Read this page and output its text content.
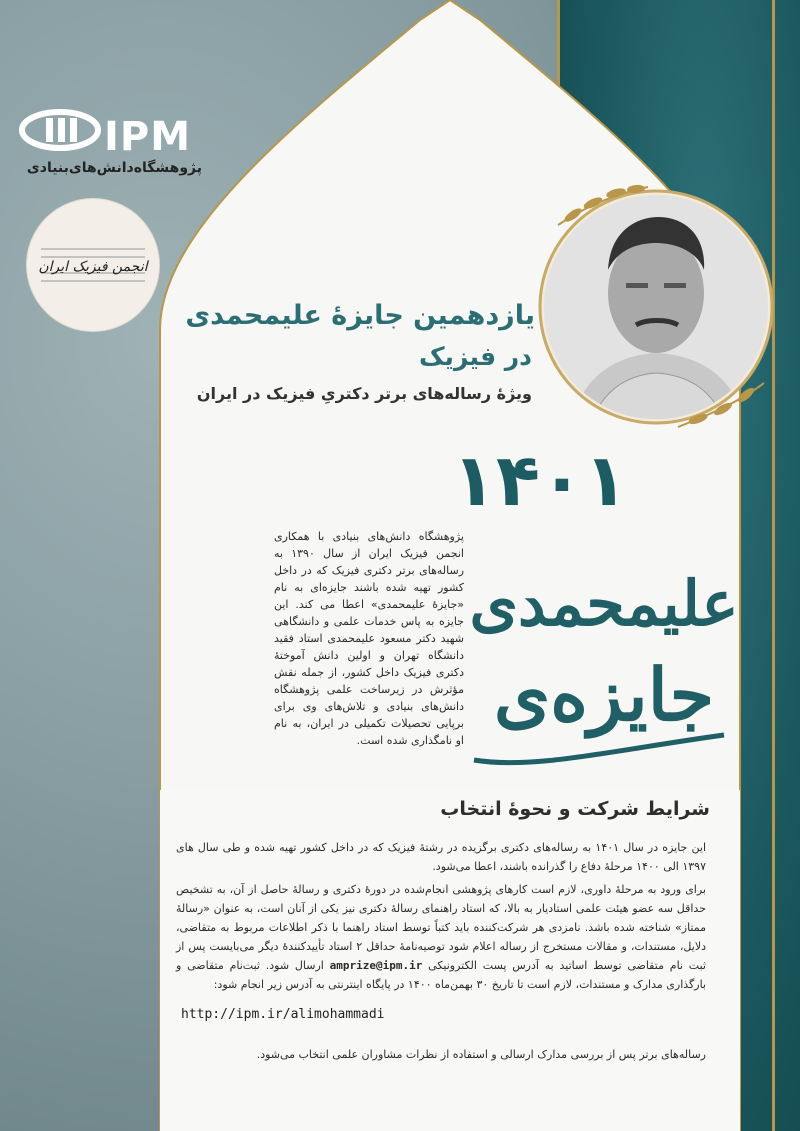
IPM
پژوهشگاه‌دانش‌های‌بنیادی
انجمن فیزیک ایران
یازدهمین جایزهٔ علیمحمدی
در فیزیک
ویژهٔ رساله‌های برتر دکتریِ فیزیک در ایران
۱۴۰۱
پژوهشگاه دانش‌های بنیادی با همکاری انجمن فیزیک ایران از سال ۱۳۹۰ به رساله‌های برتر دکتری فیزیک که در داخل کشور تهیه شده باشند جایزه‌ای به نام «جایزهٔ علیمحمدی» اعطا می کند. این جایزه به پاس خدمات علمی و دانشگاهی شهید دکتر مسعود علیمحمدی استاد فقید دانشگاه تهران و اولین دانش آموختهٔ دکتری فیزیک داخل کشور، از جمله نقش مؤثرش در زیرساخت علمی پژوهشگاه دانش‌های بنیادی و تلاش‌های وی برای برپایی تحصیلات تکمیلی در ایران، به نام او نامگذاری شده است.
علیمحمدی
جایزه‌ی
شرایط شرکت و نحوهٔ انتخاب
این جایزه در سال ۱۴۰۱ به رساله‌های دکتری برگزیده در رشتهٔ فیزیک که در داخل کشور تهیه شده و طی سال های ۱۳۹۷ الی ۱۴۰۰ مرحلهٔ دفاع را گذرانده باشند، اعطا می‌شود.
برای ورود به مرحلهٔ داوری، لازم است کارهای پژوهشی انجام‌شده در دورهٔ دکتری و رسالهٔ حاصل از آن، به تشخیص حداقل سه عضو هیئت علمی استادیار به بالا، که استاد راهنمای رسالهٔ دکتری نیز یکی از آنان است، به عنوان «رسالهٔ ممتاز» شناخته شده باشد. نامزدی هر شرکت‌کننده باید کتباً توسط استاد راهنما با ذکر اطلاعات مربوط به متقاضی، دلایل، مستندات، و مقالات مستخرج از رساله اعلام شود توصیه‌نامهٔ حداقل ۲ استاد تأییدکنندهٔ دیگر می‌بایست پس از ثبت نام متقاضی توسط اساتید به آدرس پست الکترونیکی amprize@ipm.ir ارسال شود. ثبت‌نام متقاضی و بارگذاری مدارک و مستندات، لازم است تا تاریخ ۳۰ بهمن‌ماه ۱۴۰۰ در پایگاه اینترنتی به آدرس زیر انجام شود:
http://ipm.ir/alimohammadi
رساله‌های برتر پس از بررسی مدارک ارسالی و استفاده از نظرات مشاوران علمی انتخاب می‌شود.
